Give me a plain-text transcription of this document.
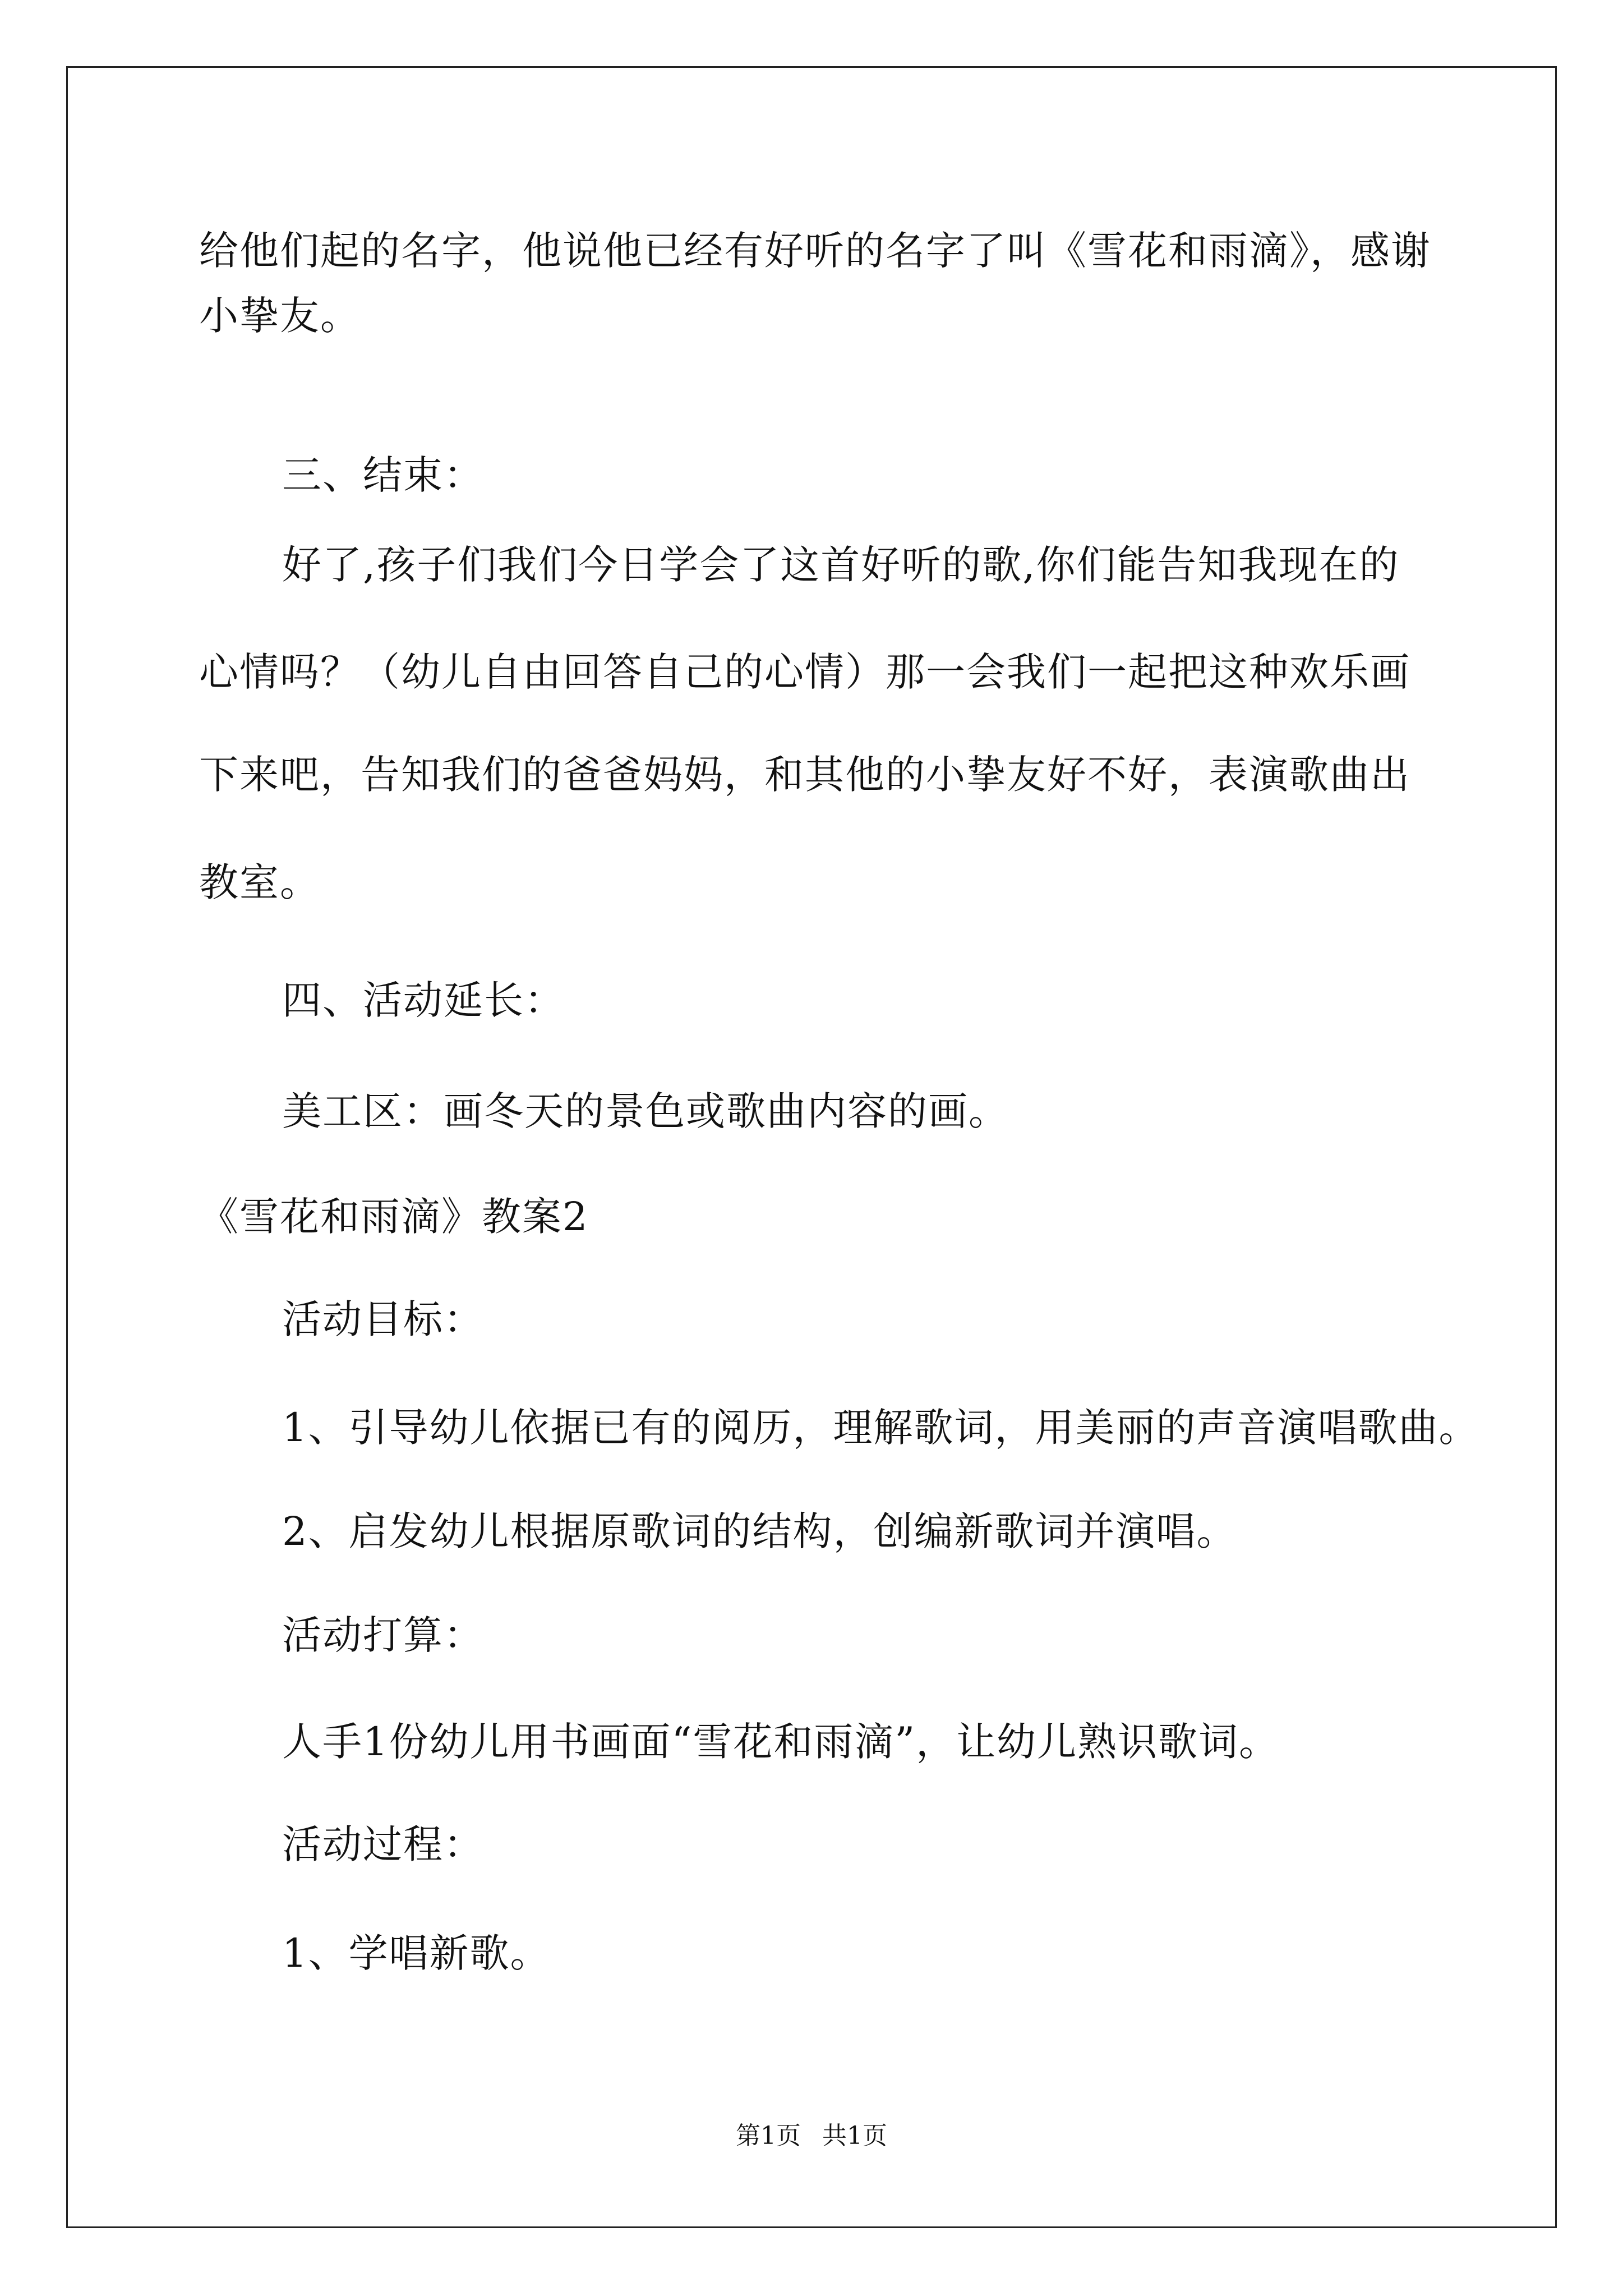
给他们起的名字，他说他已经有好听的名字了叫《雪花和雨滴》，感谢
小挚友。
三、结束：
好了,孩子们我们今日学会了这首好听的歌,你们能告知我现在的
心情吗？（幼儿自由回答自己的心情）那一会我们一起把这种欢乐画
下来吧，告知我们的爸爸妈妈，和其他的小挚友好不好，表演歌曲出
教室。
四、活动延长：
美工区：画冬天的景色或歌曲内容的画。
《雪花和雨滴》教案2
活动目标：
1、引导幼儿依据已有的阅历，理解歌词，用美丽的声音演唱歌曲。
2、启发幼儿根据原歌词的结构，创编新歌词并演唱。
活动打算：
人手1份幼儿用书画面“雪花和雨滴”，让幼儿熟识歌词。
活动过程：
1、学唱新歌。
第1页 共1页
